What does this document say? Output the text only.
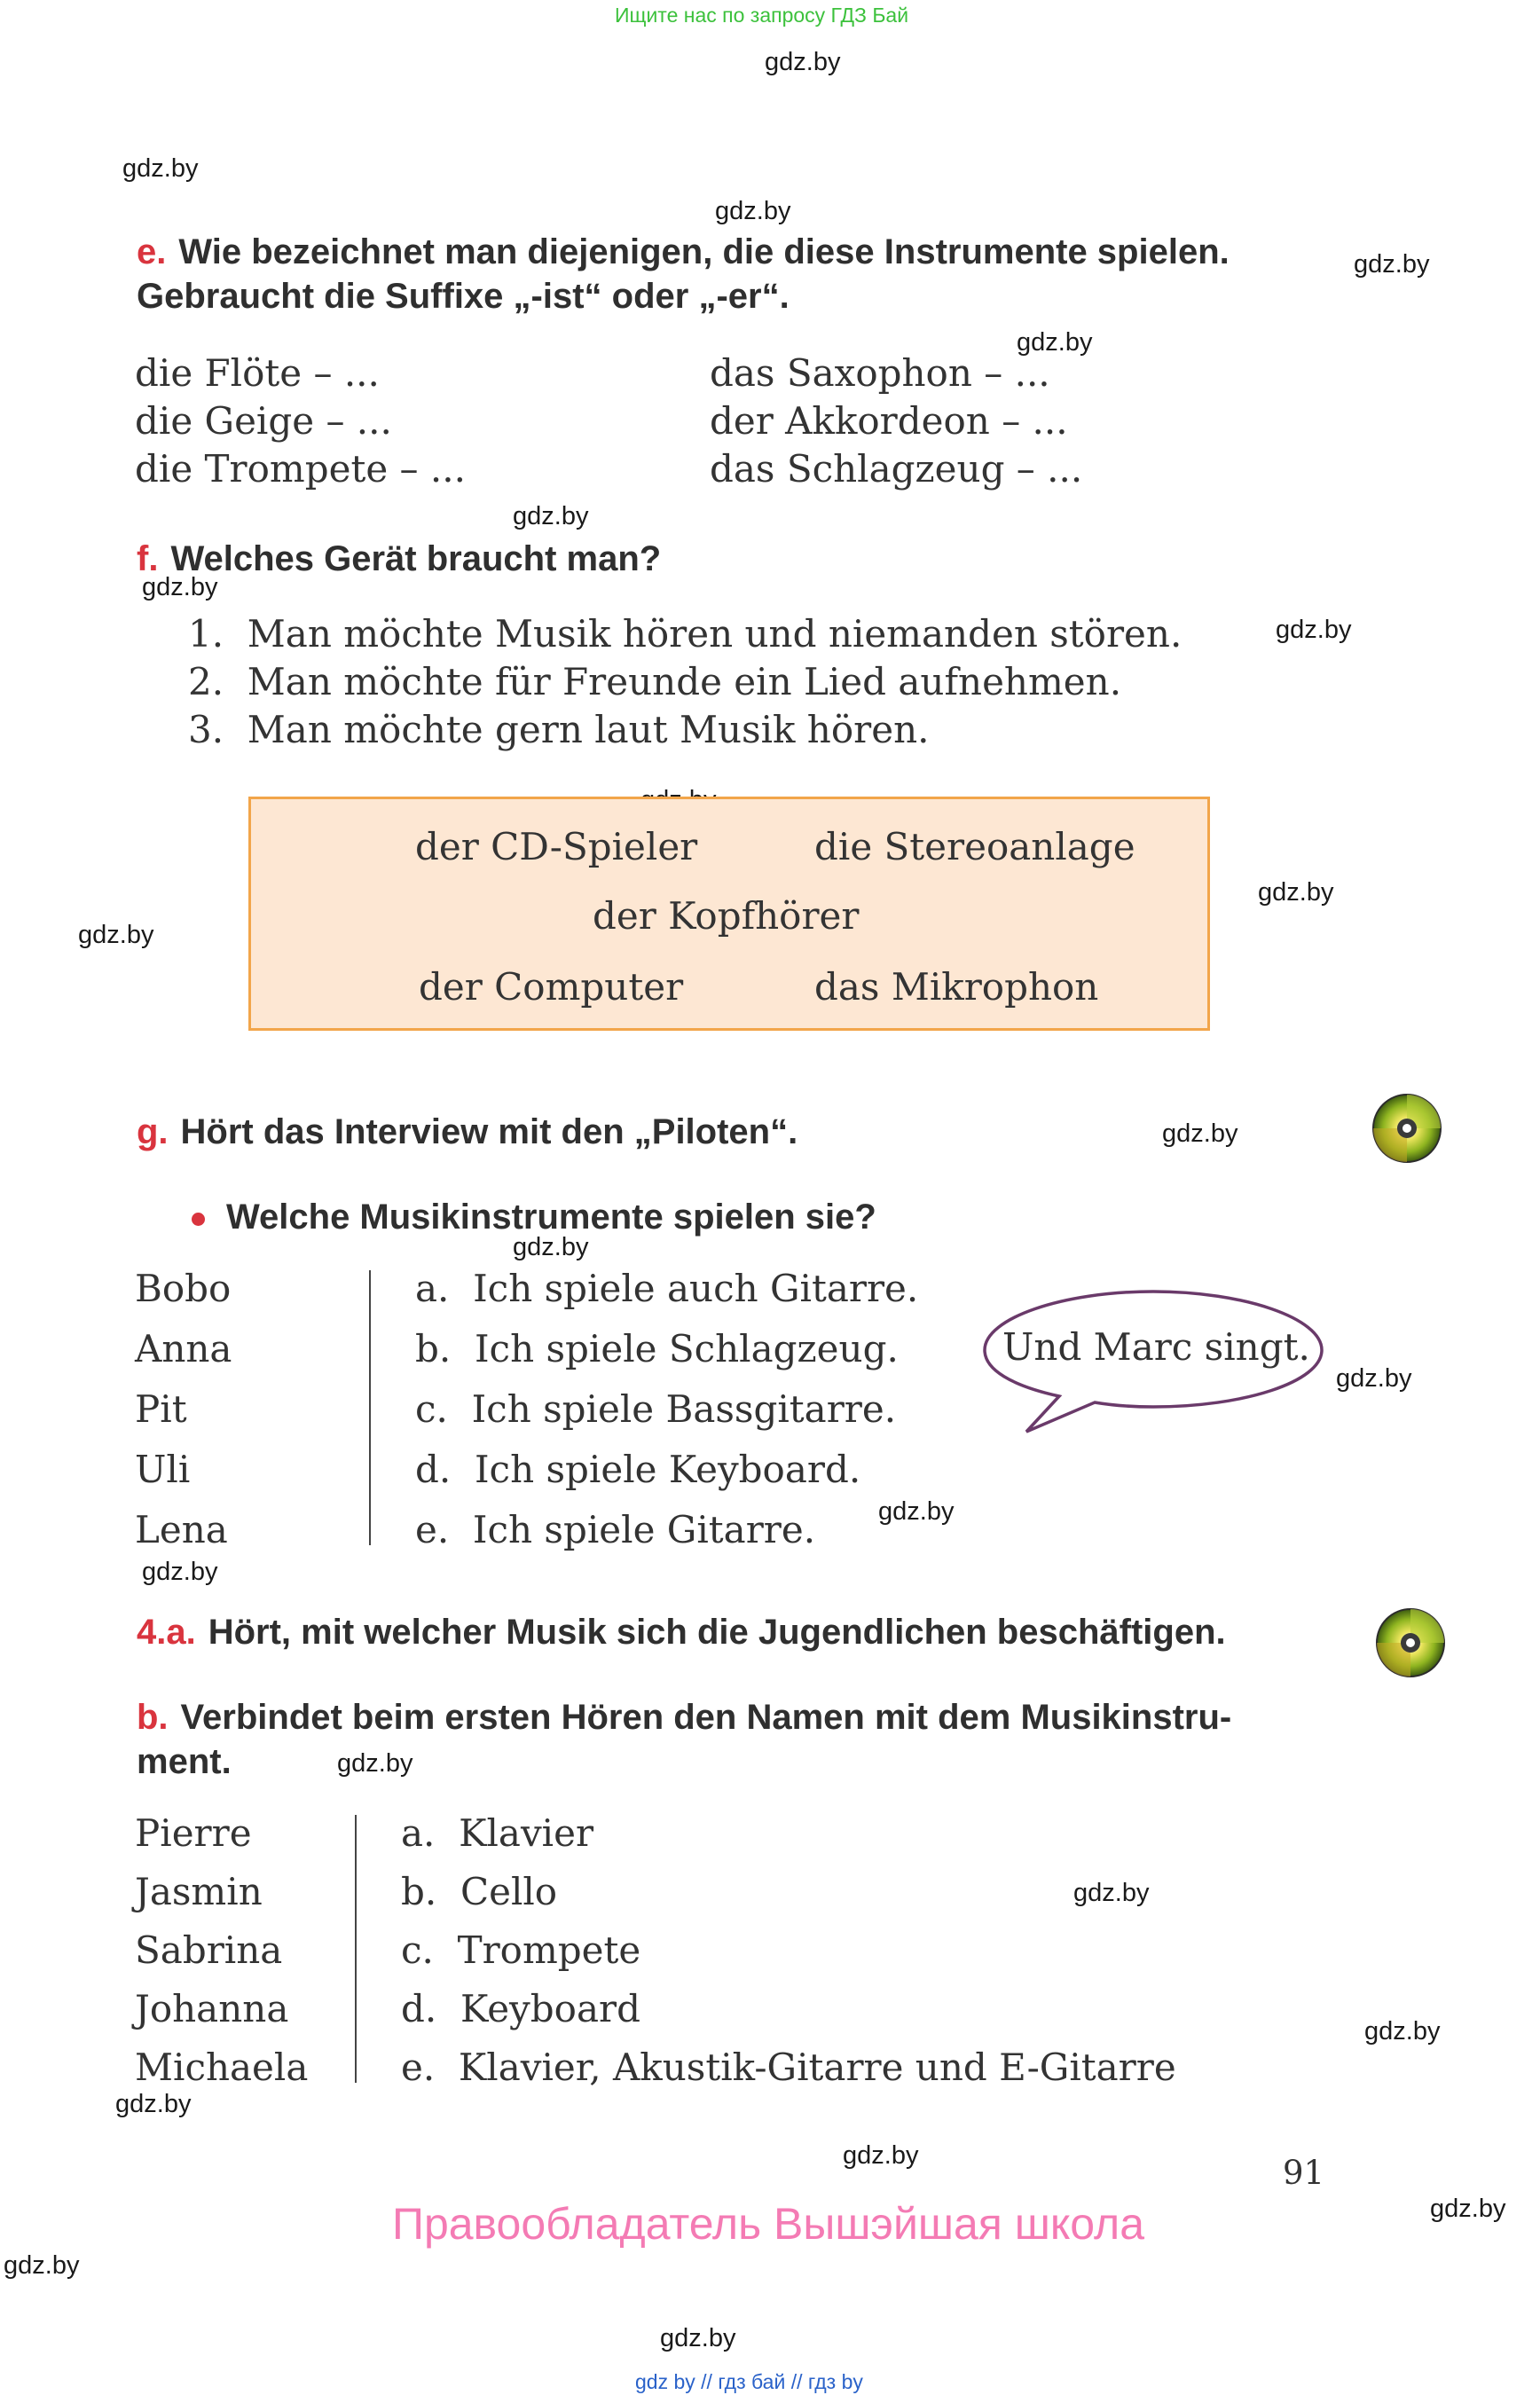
Ищите нас по запросу ГДЗ Бай
gdz.by
gdz.by
gdz.by
gdz.by
gdz.by
gdz.by
gdz.by
gdz.by
gdz.by
gdz.by
gdz.by
gdz.by
gdz.by
gdz.by
gdz.by
gdz.by
gdz.by
gdz.by
gdz.by
gdz.by
gdz.by
gdz.by
gdz.by
e. Wie bezeichnet man diejenigen, die diese Instrumente spielen.
Gebraucht die Suffixe „-ist“ oder „-er“.
die Flöte – ...
die Geige – ...
die Trompete – ...
das Saxophon – ...
der Akkordeon – ...
das Schlagzeug – ...
f. Welches Gerät braucht man?
1. Man möchte Musik hören und niemanden stören.
2. Man möchte für Freunde ein Lied aufnehmen.
3. Man möchte gern laut Musik hören.
der CD-Spieler	die Stereoanlage
der Kopfhörer
der Computer	das Mikrophon
g. Hört das Interview mit den „Piloten“.
Welche Musikinstrumente spielen sie?
Bobo
Anna
Pit
Uli
Lena
a. Ich spiele auch Gitarre.
b. Ich spiele Schlagzeug.
c. Ich spiele Bassgitarre.
d. Ich spiele Keyboard.
e. Ich spiele Gitarre.
Und Marc singt.
4.a. Hört, mit welcher Musik sich die Jugendlichen beschäftigen.
b. Verbindet beim ersten Hören den Namen mit dem Musikinstru-
ment.
Pierre
Jasmin
Sabrina
Johanna
Michaela
a. Klavier
b. Cello
c. Trompete
d. Keyboard
e. Klavier, Akustik-Gitarre und E-Gitarre
91
Правообладатель Вышэйшая школа
gdz by // гдз бай // гдз by
